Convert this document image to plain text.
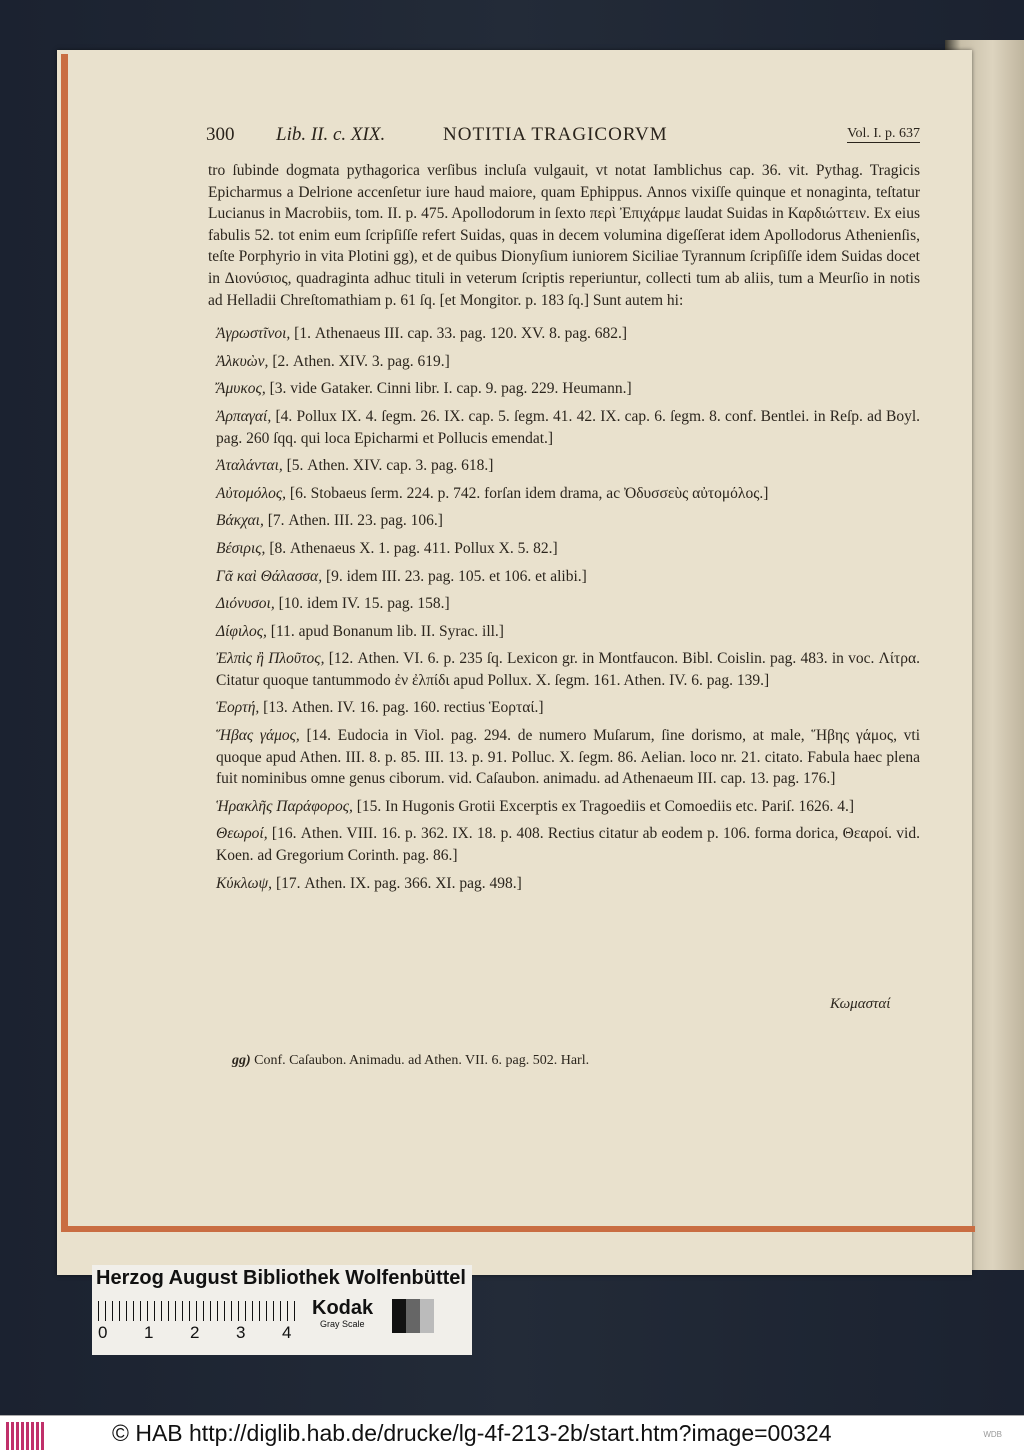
300 Lib. II. c. XIX.	NOTITIA TRAGICORVM	Vol. I. p. 637

tro ſubinde dogmata pythagorica verſibus incluſa vulgauit, vt notat Iamblichus cap. 36. vit. Pythag. Tragicis Epicharmus a Delrione accenſetur iure haud maiore, quam Ephippus. Annos vixiſſe quinque et nonaginta, teſtatur Lucianus in Macrobiis, tom. II. p. 475. Apollodorum in ſexto περὶ Ἐπιχάρμε laudat Suidas in Καρδιώττειν. Ex eius fabulis 52. tot enim eum ſcripſiſſe refert Suidas, quas in decem volumina digeſſerat idem Apollodorus Athenienſis, teſte Porphyrio in vita Plotini gg), et de quibus Dionyſium iuniorem Siciliae Tyrannum ſcripſiſſe idem Suidas docet in Διονύσιος, quadraginta adhuc tituli in veterum ſcriptis reperiuntur, collecti tum ab aliis, tum a Meurſio in notis ad Helladii Chreſtomathiam p. 61 ſq. [et Mongitor. p. 183 ſq.] Sunt autem hi:

Ἀγρωστῖνοι, [1. Athenaeus III. cap. 33. pag. 120. XV. 8. pag. 682.]

Ἀλκυὼν, [2. Athen. XIV. 3. pag. 619.]

Ἄμυκος, [3. vide Gataker. Cinni libr. I. cap. 9. pag. 229. Heumann.]

Ἀρπαγαί, [4. Pollux IX. 4. ſegm. 26. IX. cap. 5. ſegm. 41. 42. IX. cap. 6. ſegm. 8. conf. Bentlei. in Reſp. ad Boyl. pag. 260 ſqq. qui loca Epicharmi et Pollucis emendat.]

Ἀταλάνται, [5. Athen. XIV. cap. 3. pag. 618.]

Αὐτομόλος, [6. Stobaeus ſerm. 224. p. 742. forſan idem drama, ac Ὀδυσσεὺς αὐτομόλος.]

Βάκχαι, [7. Athen. III. 23. pag. 106.]

Βέσιρις, [8. Athenaeus X. 1. pag. 411. Pollux X. 5. 82.]

Γᾶ καὶ Θάλασσα, [9. idem III. 23. pag. 105. et 106. et alibi.]

Διόνυσοι, [10. idem IV. 15. pag. 158.]

Δίφιλος, [11. apud Bonanum lib. II. Syrac. ill.]

Ἐλπὶς ἢ Πλοῦτος, [12. Athen. VI. 6. p. 235 ſq. Lexicon gr. in Montfaucon. Bibl. Coislin. pag. 483. in voc. Λίτρα. Citatur quoque tantummodo ἐν ἐλπίδι apud Pollux. X. ſegm. 161. Athen. IV. 6. pag. 139.]

Ἑορτή, [13. Athen. IV. 16. pag. 160. rectius Ἑορταί.]

Ἥβας γάμος, [14. Eudocia in Viol. pag. 294. de numero Muſarum, ſine dorismo, at male, Ἥβης γάμος, vti quoque apud Athen. III. 8. p. 85. III. 13. p. 91. Polluc. X. ſegm. 86. Aelian. loco nr. 21. citato. Fabula haec plena fuit nominibus omne genus ciborum. vid. Caſaubon. animadu. ad Athenaeum III. cap. 13. pag. 176.]

Ἡρακλῆς Παράφορος, [15. In Hugonis Grotii Excerptis ex Tragoediis et Comoediis etc. Pariſ. 1626. 4.]

Θεωροί, [16. Athen. VIII. 16. p. 362. IX. 18. p. 408. Rectius citatur ab eodem p. 106. forma dorica, Θεαροί. vid. Koen. ad Gregorium Corinth. pag. 86.]

Κύκλωψ, [17. Athen. IX. pag. 366. XI. pag. 498.]

Κωμασταί
gg) Conf. Caſaubon. Animadu. ad Athen. VII. 6. pag. 502. Harl.
Herzog August Bibliothek Wolfenbüttel
0 1 2 3 4
Kodak
Gray Scale
© HAB http://diglib.hab.de/drucke/lg-4f-213-2b/start.htm?image=00324	WDB
